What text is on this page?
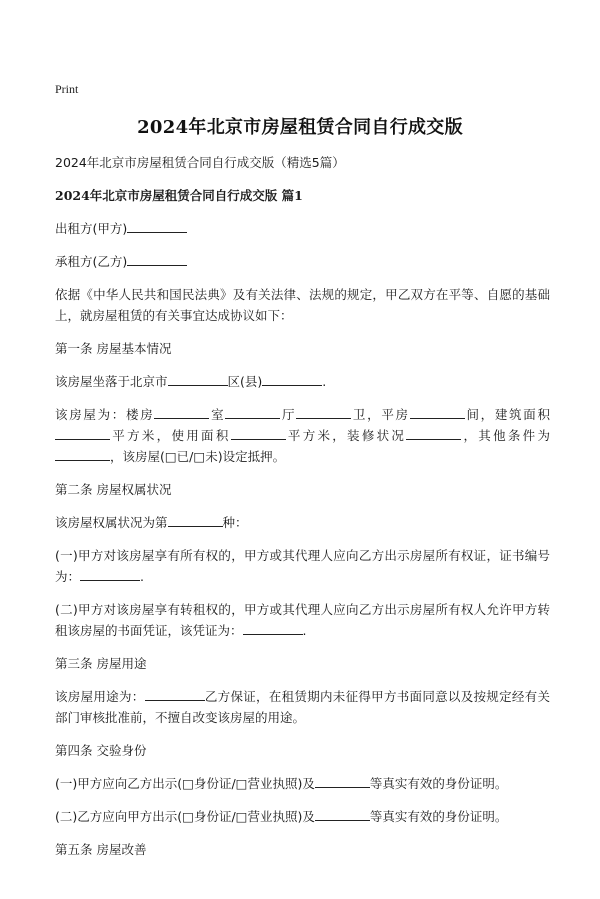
Print
2024年北京市房屋租赁合同自行成交版

2024年北京市房屋租赁合同自行成交版（精选5篇）

2024年北京市房屋租赁合同自行成交版 篇1

出租方(甲方)

承租方(乙方)

依据《中华人民共和国民法典》及有关法律、法规的规定，甲乙双方在平等、自愿的基础上，就房屋租赁的有关事宜达成协议如下：

第一条 房屋基本情况

该房屋坐落于北京市	区(县)	.

该房屋为：楼房	室	厅	卫，平房	间，建筑面积平方米，使用面积	平方米，装修状况	，其他条件为，该房屋(□已/□未)设定抵押。

第二条 房屋权属状况

该房屋权属状况为第	种：

(一)甲方对该房屋享有所有权的，甲方或其代理人应向乙方出示房屋所有权证，证书编号为：	.

(二)甲方对该房屋享有转租权的，甲方或其代理人应向乙方出示房屋所有权人允许甲方转租该房屋的书面凭证，该凭证为：	.

第三条 房屋用途

该房屋用途为：	乙方保证，在租赁期内未征得甲方书面同意以及按规定经有关部门审核批准前，不擅自改变该房屋的用途。

第四条 交验身份

(一)甲方应向乙方出示(□身份证/□营业执照)及	等真实有效的身份证明。

(二)乙方应向甲方出示(□身份证/□营业执照)及	等真实有效的身份证明。

第五条 房屋改善
